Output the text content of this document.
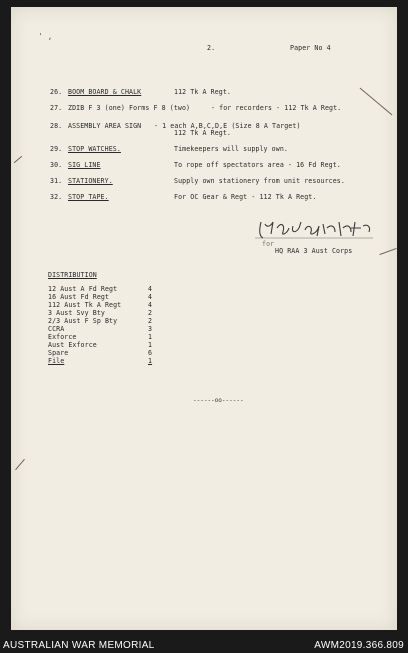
' ,
2.	Paper No 4
26. BOOM BOARD & CHALK	112 Tk A Regt.
27. ZDIB F 3 (one) Forms F 8 (two)	- for recorders - 112 Tk A Regt.
28. ASSEMBLY AREA SIGN - 1 each A,B,C,D,E (Size 8 A Target)
112 Tk A Regt.
29. STOP WATCHES.	Timekeepers will supply own.
30. SIG LINE	To rope off spectators area - 16 Fd Regt.
31. STATIONERY.	Supply own stationery from unit resources.
32. STOP TAPE.	For OC Gear & Regt - 112 Tk A Regt.
for
HQ RAA 3 Aust Corps
DISTRIBUTION
12 Aust A Fd Regt	4
16 Aust Fd Regt	4
112 Aust Tk A Regt	4
3 Aust Svy Bty	2
2/3 Aust F Sp Bty	2
CCRA	3
Exforce	1
Aust Exforce	1
Spare	6
File	1
------oo------
AUSTRALIAN WAR MEMORIAL	AWM2019.366.809
